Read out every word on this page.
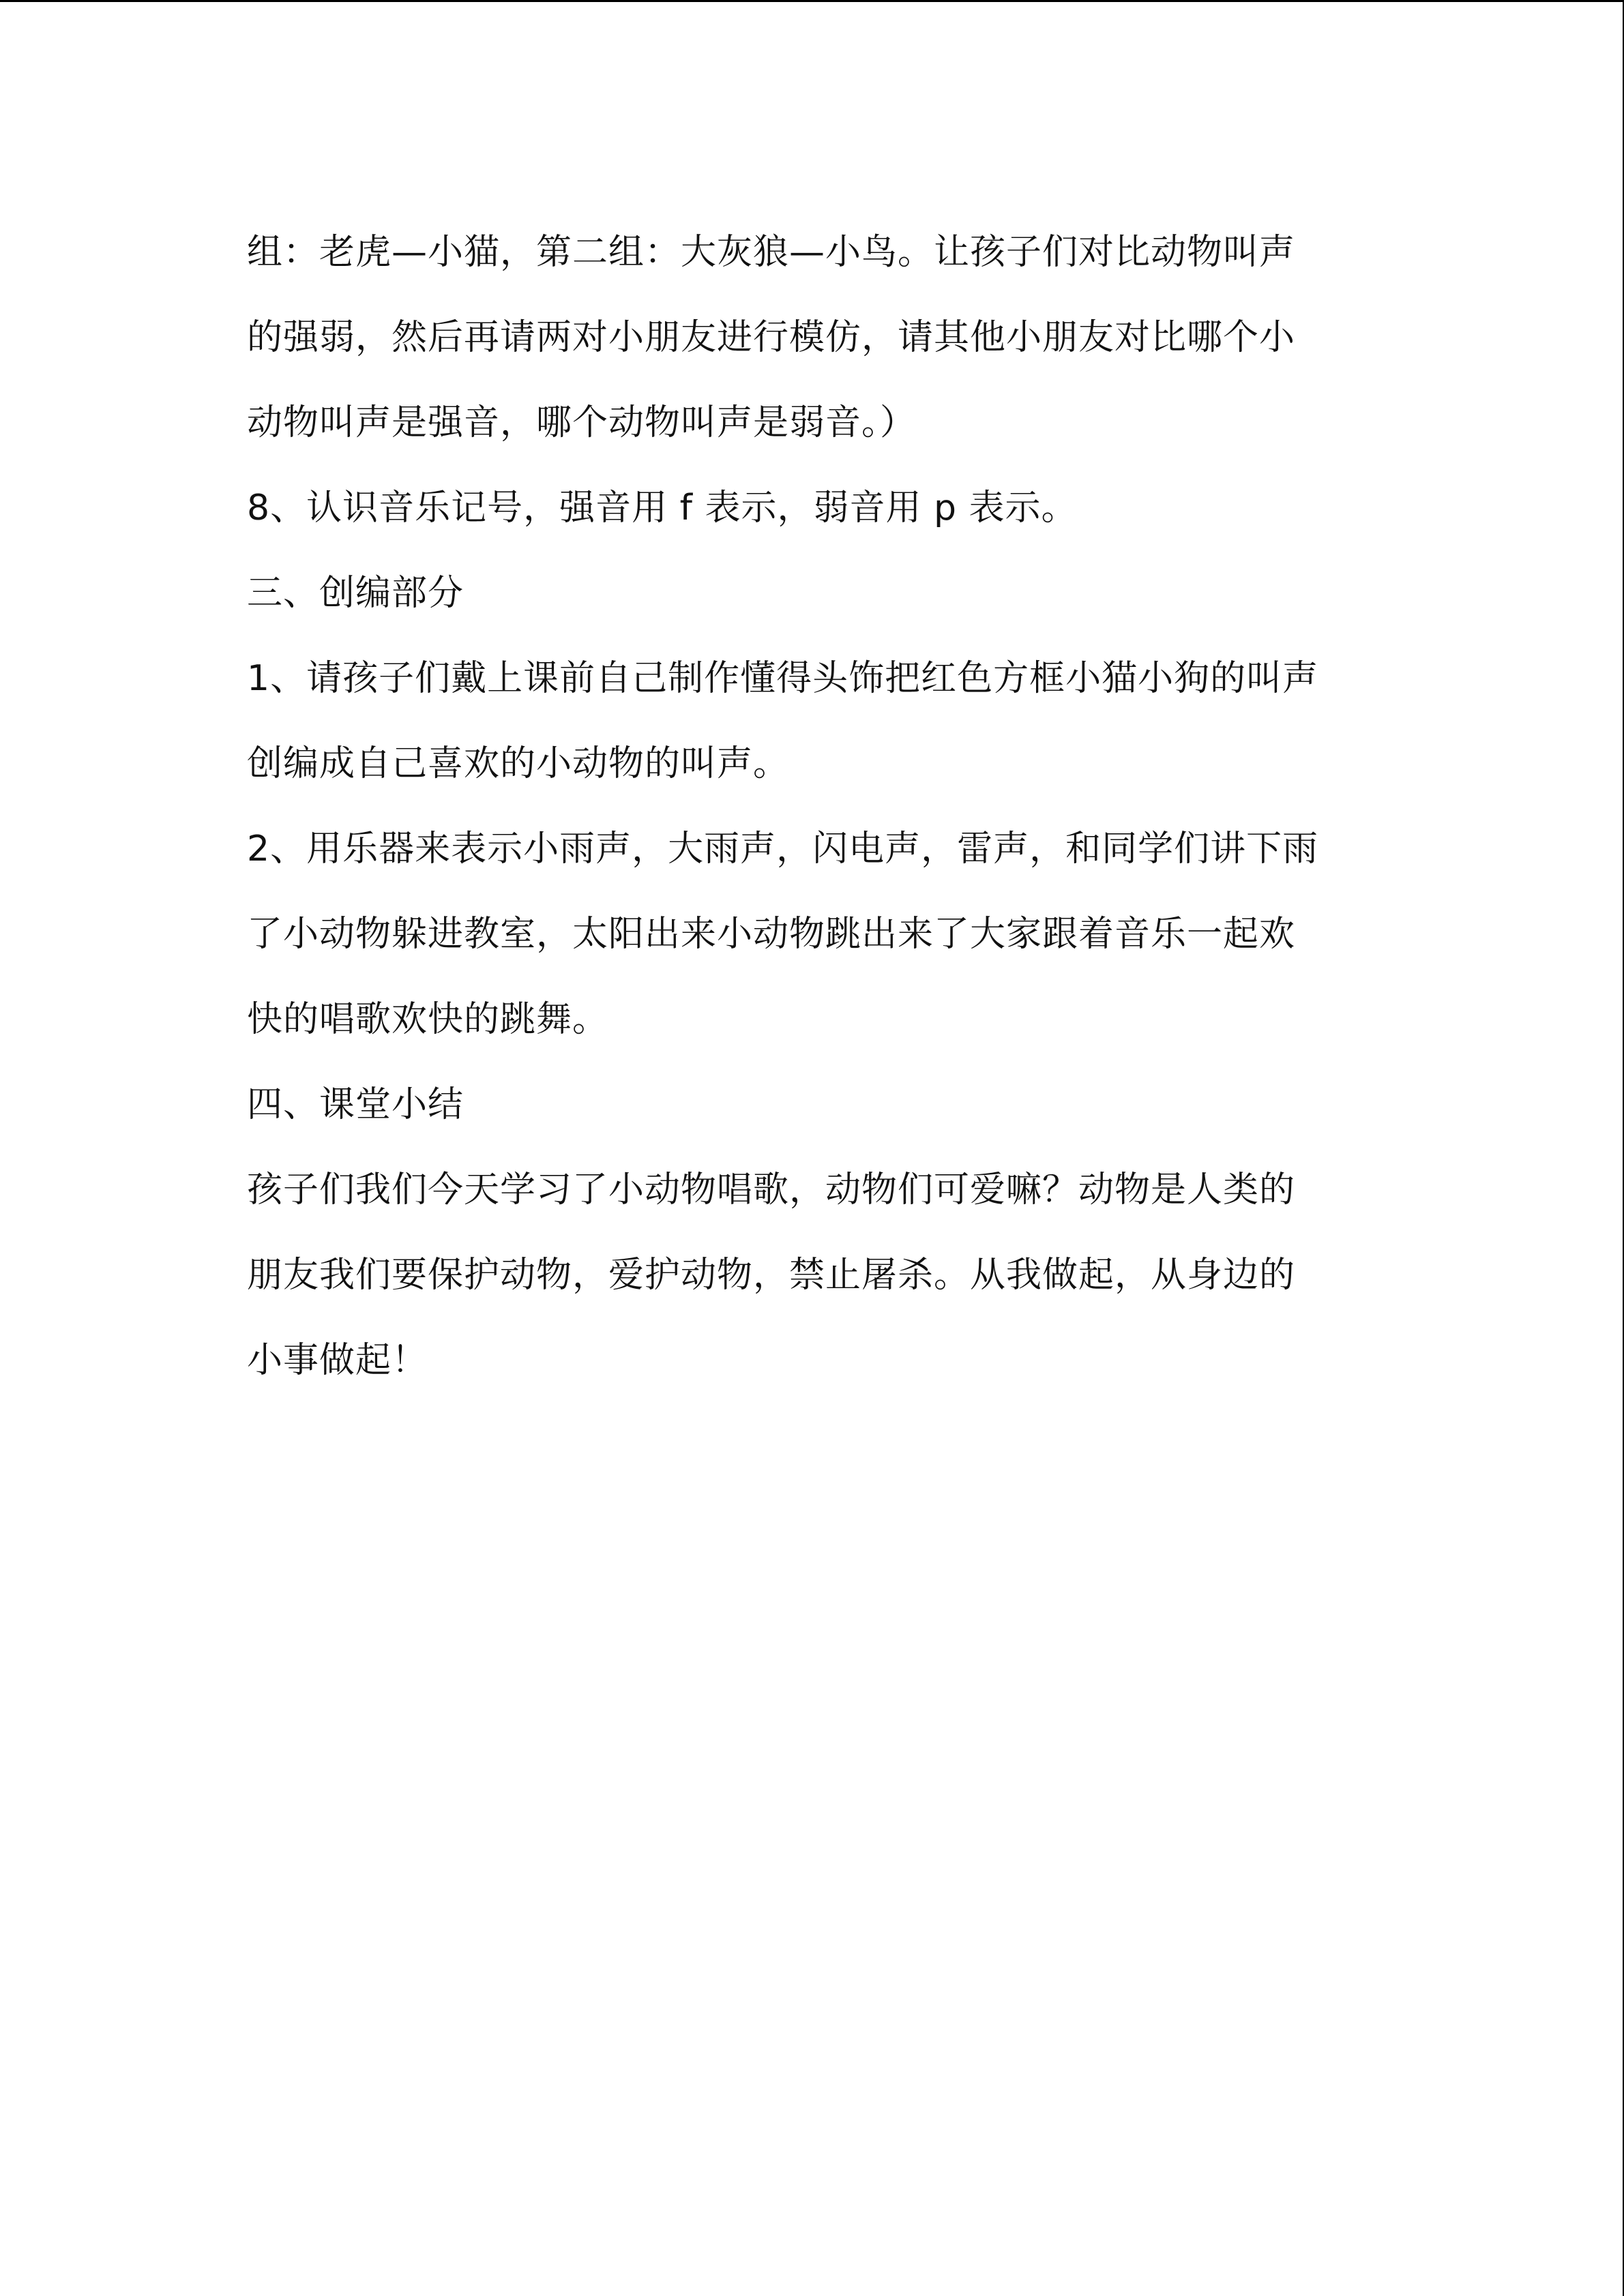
组：老虎—小猫，第二组：大灰狼—小鸟。让孩子们对比动物叫声
的强弱，然后再请两对小朋友进行模仿，请其他小朋友对比哪个小
动物叫声是强音，哪个动物叫声是弱音。）
8、认识音乐记号，强音用 f 表示，弱音用 p 表示。
三、创编部分
1、请孩子们戴上课前自己制作懂得头饰把红色方框小猫小狗的叫声
创编成自己喜欢的小动物的叫声。
2、用乐器来表示小雨声，大雨声，闪电声，雷声，和同学们讲下雨
了小动物躲进教室，太阳出来小动物跳出来了大家跟着音乐一起欢
快的唱歌欢快的跳舞。
四、课堂小结
孩子们我们今天学习了小动物唱歌，动物们可爱嘛？动物是人类的
朋友我们要保护动物，爱护动物，禁止屠杀。从我做起，从身边的
小事做起！
